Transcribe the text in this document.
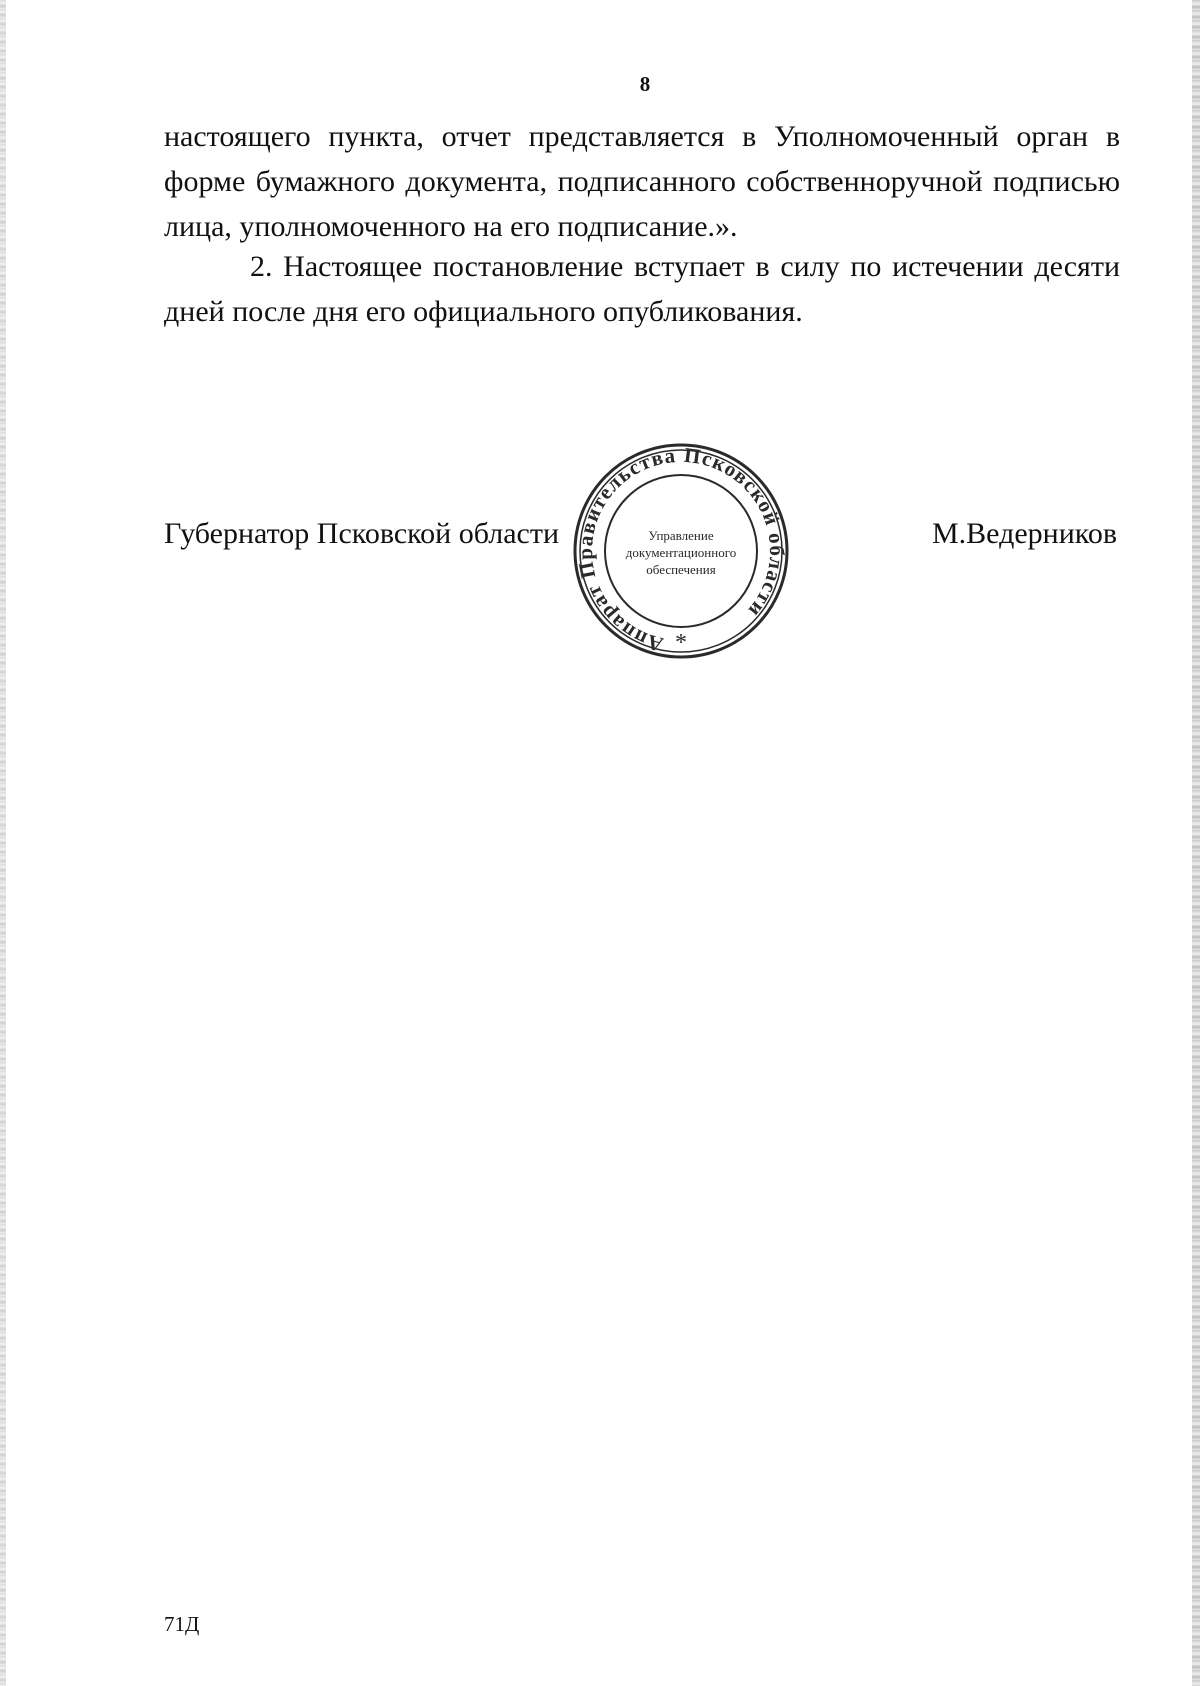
8

настоящего пункта, отчет представляется в Уполномоченный орган в форме бумажного документа, подписанного собственноручной подписью лица, уполномоченного на его подписание.».

2. Настоящее постановление вступает в силу по истечении десяти дней после дня его официального опубликования.

Губернатор Псковской области	М.Ведерников
Аппарат Правительства Псковской области
Управление
документационного
обеспечения
*
71Д
